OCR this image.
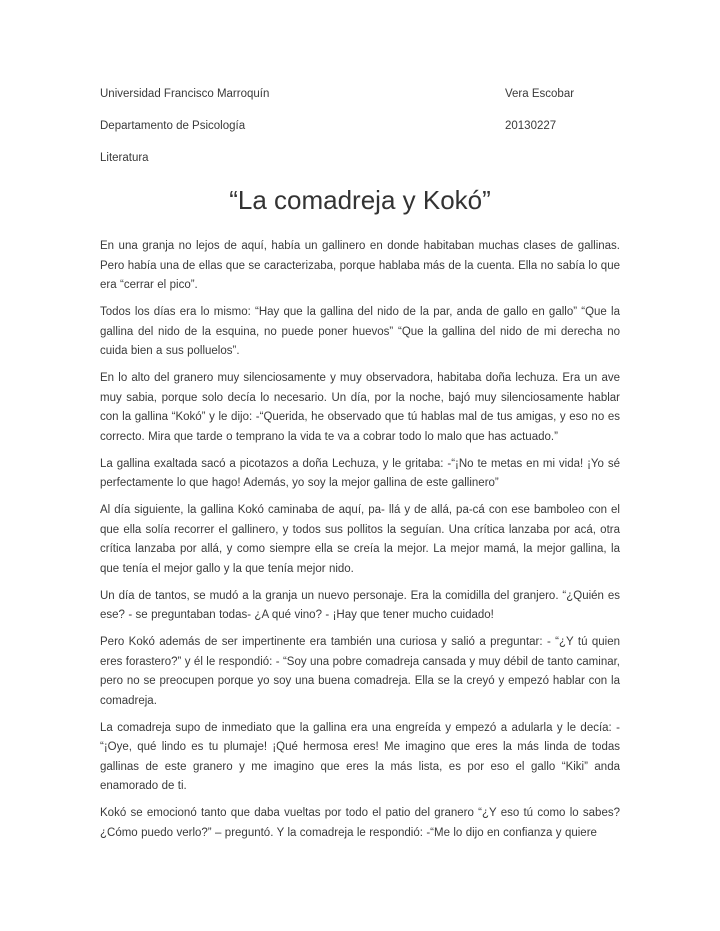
Universidad Francisco Marroquín	Vera Escobar
Departamento de Psicología	20130227
Literatura
“La comadreja y Kokó”

En una granja no lejos de aquí, había un gallinero en donde habitaban muchas clases de gallinas. Pero había una de ellas que se caracterizaba, porque hablaba más de la cuenta. Ella no sabía lo que era “cerrar el pico”.

Todos los días era lo mismo: “Hay que la gallina del nido de la par, anda de gallo en gallo” “Que la gallina del nido de la esquina, no puede poner huevos” “Que la gallina del nido de mi derecha no cuida bien a sus polluelos”.

En lo alto del granero muy silenciosamente y muy observadora, habitaba doña lechuza. Era un ave muy sabia, porque solo decía lo necesario. Un día, por la noche, bajó muy silenciosamente hablar con la gallina “Kokó” y le dijo: -“Querida, he observado que tú hablas mal de tus amigas, y eso no es correcto. Mira que tarde o temprano la vida te va a cobrar todo lo malo que has actuado.”

La gallina exaltada sacó a picotazos a doña Lechuza, y le gritaba: -“¡No te metas en mi vida! ¡Yo sé perfectamente lo que hago! Además, yo soy la mejor gallina de este gallinero”

Al día siguiente, la gallina Kokó caminaba de aquí, pa- llá y de allá, pa-cá con ese bamboleo con el que ella solía recorrer el gallinero, y todos sus pollitos la seguían. Una crítica lanzaba por acá, otra crítica lanzaba por allá, y como siempre ella se creía la mejor. La mejor mamá, la mejor gallina, la que tenía el mejor gallo y la que tenía mejor nido.

Un día de tantos, se mudó a la granja un nuevo personaje. Era la comidilla del granjero. “¿Quién es ese? - se preguntaban todas- ¿A qué vino? - ¡Hay que tener mucho cuidado!

Pero Kokó además de ser impertinente era también una curiosa y salió a preguntar: - “¿Y tú quien eres forastero?” y él le respondió: - “Soy una pobre comadreja cansada y muy débil de tanto caminar, pero no se preocupen porque yo soy una buena comadreja. Ella se la creyó y empezó hablar con la comadreja.

La comadreja supo de inmediato que la gallina era una engreída y empezó a adularla y le decía: - “¡Oye, qué lindo es tu plumaje! ¡Qué hermosa eres! Me imagino que eres la más linda de todas gallinas de este granero y me imagino que eres la más lista, es por eso el gallo “Kiki” anda enamorado de ti.

Kokó se emocionó tanto que daba vueltas por todo el patio del granero “¿Y eso tú como lo sabes? ¿Cómo puedo verlo?” – preguntó. Y la comadreja le respondió: -“Me lo dijo en confianza y quiere
